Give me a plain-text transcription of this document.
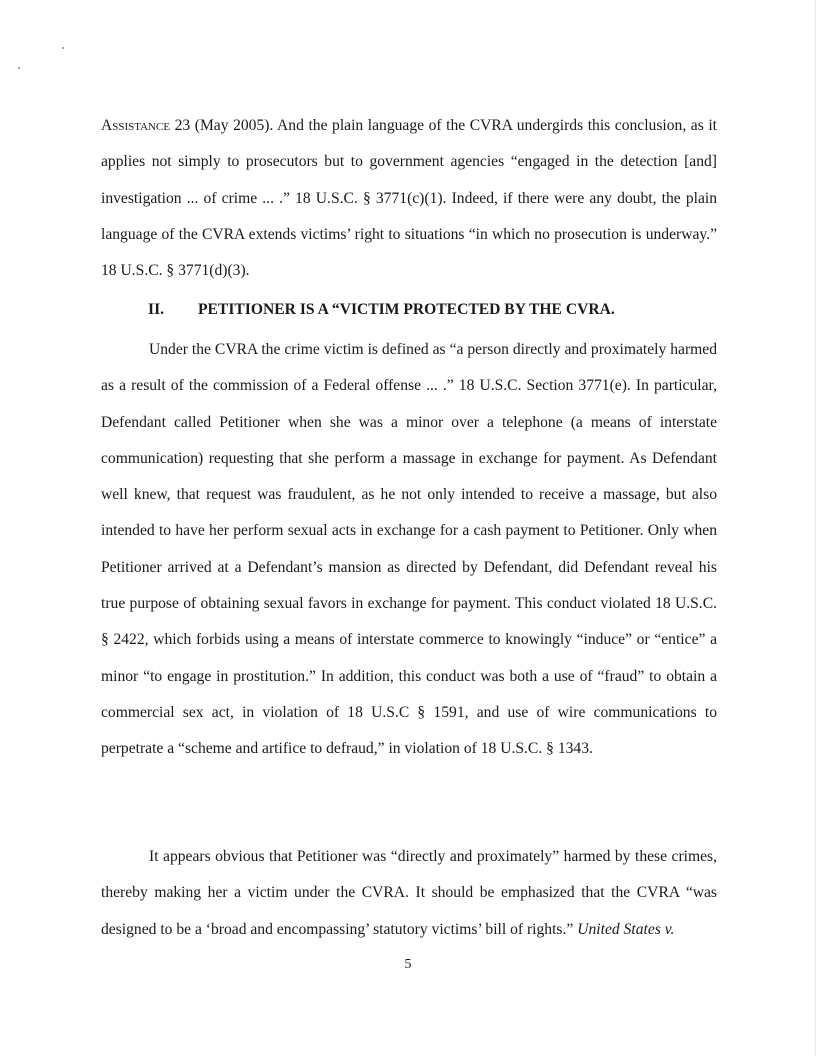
Assistance 23 (May 2005). And the plain language of the CVRA undergirds this conclusion, as it applies not simply to prosecutors but to government agencies “engaged in the detection [and] investigation ... of crime ... .” 18 U.S.C. § 3771(c)(1). Indeed, if there were any doubt, the plain language of the CVRA extends victims’ right to situations “in which no prosecution is underway.” 18 U.S.C. § 3771(d)(3).

II. PETITIONER IS A “VICTIM PROTECTED BY THE CVRA.

Under the CVRA the crime victim is defined as “a person directly and proximately harmed as a result of the commission of a Federal offense ... .” 18 U.S.C. Section 3771(e). In particular, Defendant called Petitioner when she was a minor over a telephone (a means of interstate communication) requesting that she perform a massage in exchange for payment. As Defendant well knew, that request was fraudulent, as he not only intended to receive a massage, but also intended to have her perform sexual acts in exchange for a cash payment to Petitioner. Only when Petitioner arrived at a Defendant’s mansion as directed by Defendant, did Defendant reveal his true purpose of obtaining sexual favors in exchange for payment. This conduct violated 18 U.S.C. § 2422, which forbids using a means of interstate commerce to knowingly “induce” or “entice” a minor “to engage in prostitution.” In addition, this conduct was both a use of “fraud” to obtain a commercial sex act, in violation of 18 U.S.C § 1591, and use of wire communications to perpetrate a “scheme and artifice to defraud,” in violation of 18 U.S.C. § 1343.

It appears obvious that Petitioner was “directly and proximately” harmed by these crimes, thereby making her a victim under the CVRA. It should be emphasized that the CVRA “was designed to be a ‘broad and encompassing’ statutory victims’ bill of rights.” United States v.

5
